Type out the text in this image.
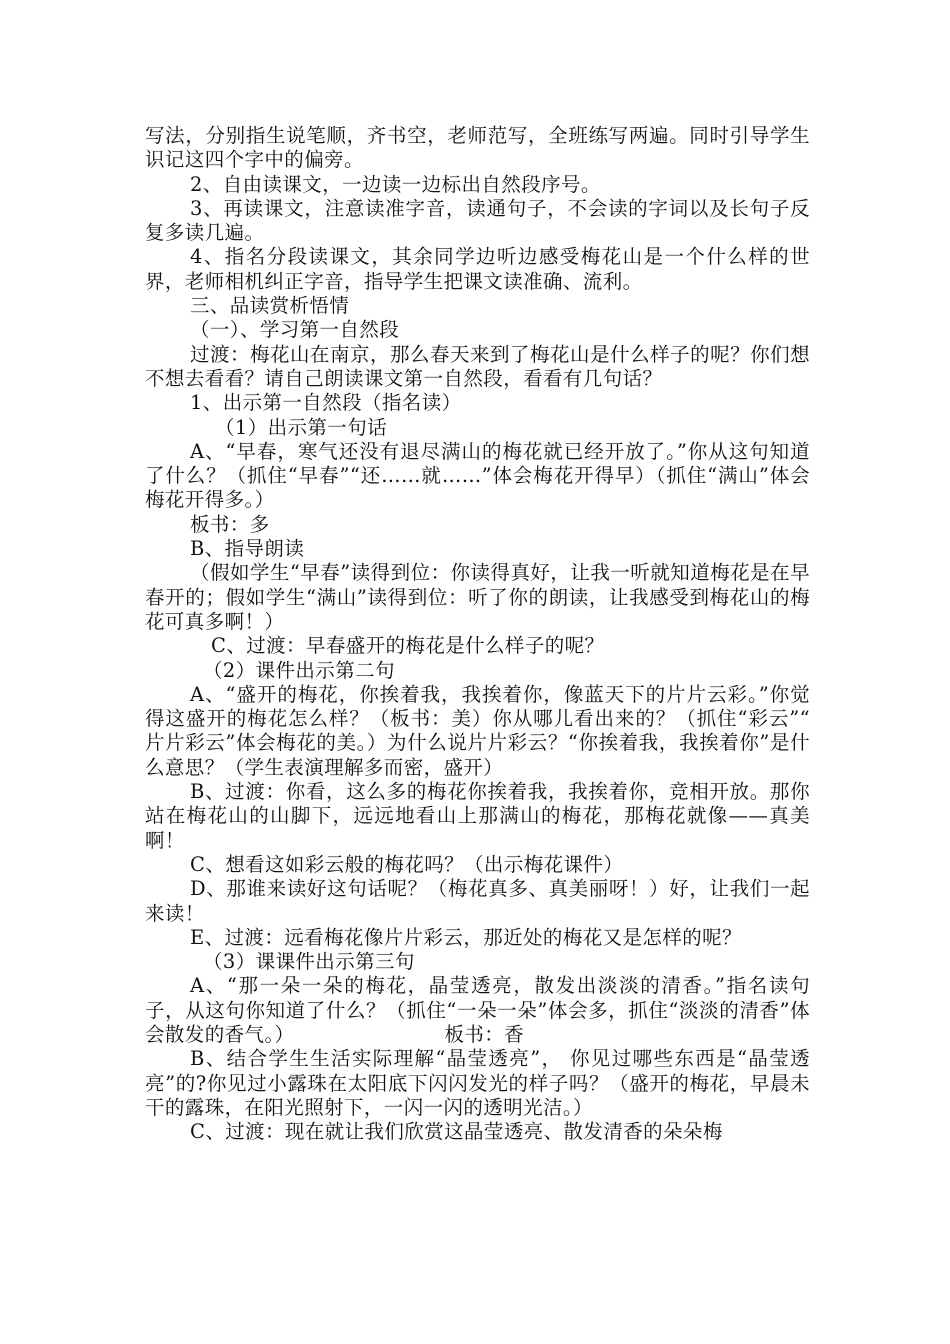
写法，分别指生说笔顺，齐书空，老师范写，全班练写两遍。同时引导学生识记这四个字中的偏旁。

2、自由读课文，一边读一边标出自然段序号。

3、再读课文，注意读准字音，读通句子，不会读的字词以及长句子反复多读几遍。

4、指名分段读课文，其余同学边听边感受梅花山是一个什么样的世界，老师相机纠正字音，指导学生把课文读准确、流利。

三、品读赏析悟情

（一）、学习第一自然段

过渡：梅花山在南京，那么春天来到了梅花山是什么样子的呢？你们想不想去看看？请自己朗读课文第一自然段，看看有几句话？

1、出示第一自然段（指名读）

（1）出示第一句话

A、“早春，寒气还没有退尽满山的梅花就已经开放了。”你从这句知道了什么？（抓住“早春”“还……就……”体会梅花开得早）（抓住“满山”体会梅花开得多。）

板书：多

B、指导朗读

（假如学生“早春”读得到位：你读得真好，让我一听就知道梅花是在早春开的；假如学生“满山”读得到位：听了你的朗读，让我感受到梅花山的梅花可真多啊！）

C、过渡：早春盛开的梅花是什么样子的呢？

（2）课件出示第二句

A、“盛开的梅花，你挨着我，我挨着你，像蓝天下的片片云彩。”你觉得这盛开的梅花怎么样？（板书：美）你从哪儿看出来的？（抓住“彩云”“ 片片彩云”体会梅花的美。）为什么说片片彩云？“你挨着我，我挨着你”是什么意思？（学生表演理解多而密，盛开）

B、过渡：你看，这么多的梅花你挨着我，我挨着你，竞相开放。那你站在梅花山的山脚下，远远地看山上那满山的梅花，那梅花就像——真美啊！

C、想看这如彩云般的梅花吗？（出示梅花课件）

D、那谁来读好这句话呢？（梅花真多、真美丽呀！）好，让我们一起来读！

E、过渡：远看梅花像片片彩云，那近处的梅花又是怎样的呢？

（3）课课件出示第三句

A、“那一朵一朵的梅花，晶莹透亮，散发出淡淡的清香。”指名读句子，从这句你知道了什么？（抓住“一朵一朵”体会多，抓住“淡淡的清香”体会散发的香气。）	板书：香

B、结合学生生活实际理解“晶莹透亮”， 你见过哪些东西是“晶莹透亮”的?你见过小露珠在太阳底下闪闪发光的样子吗？（盛开的梅花，早晨未干的露珠，在阳光照射下，一闪一闪的透明光洁。）

C、过渡：现在就让我们欣赏这晶莹透亮、散发清香的朵朵梅
